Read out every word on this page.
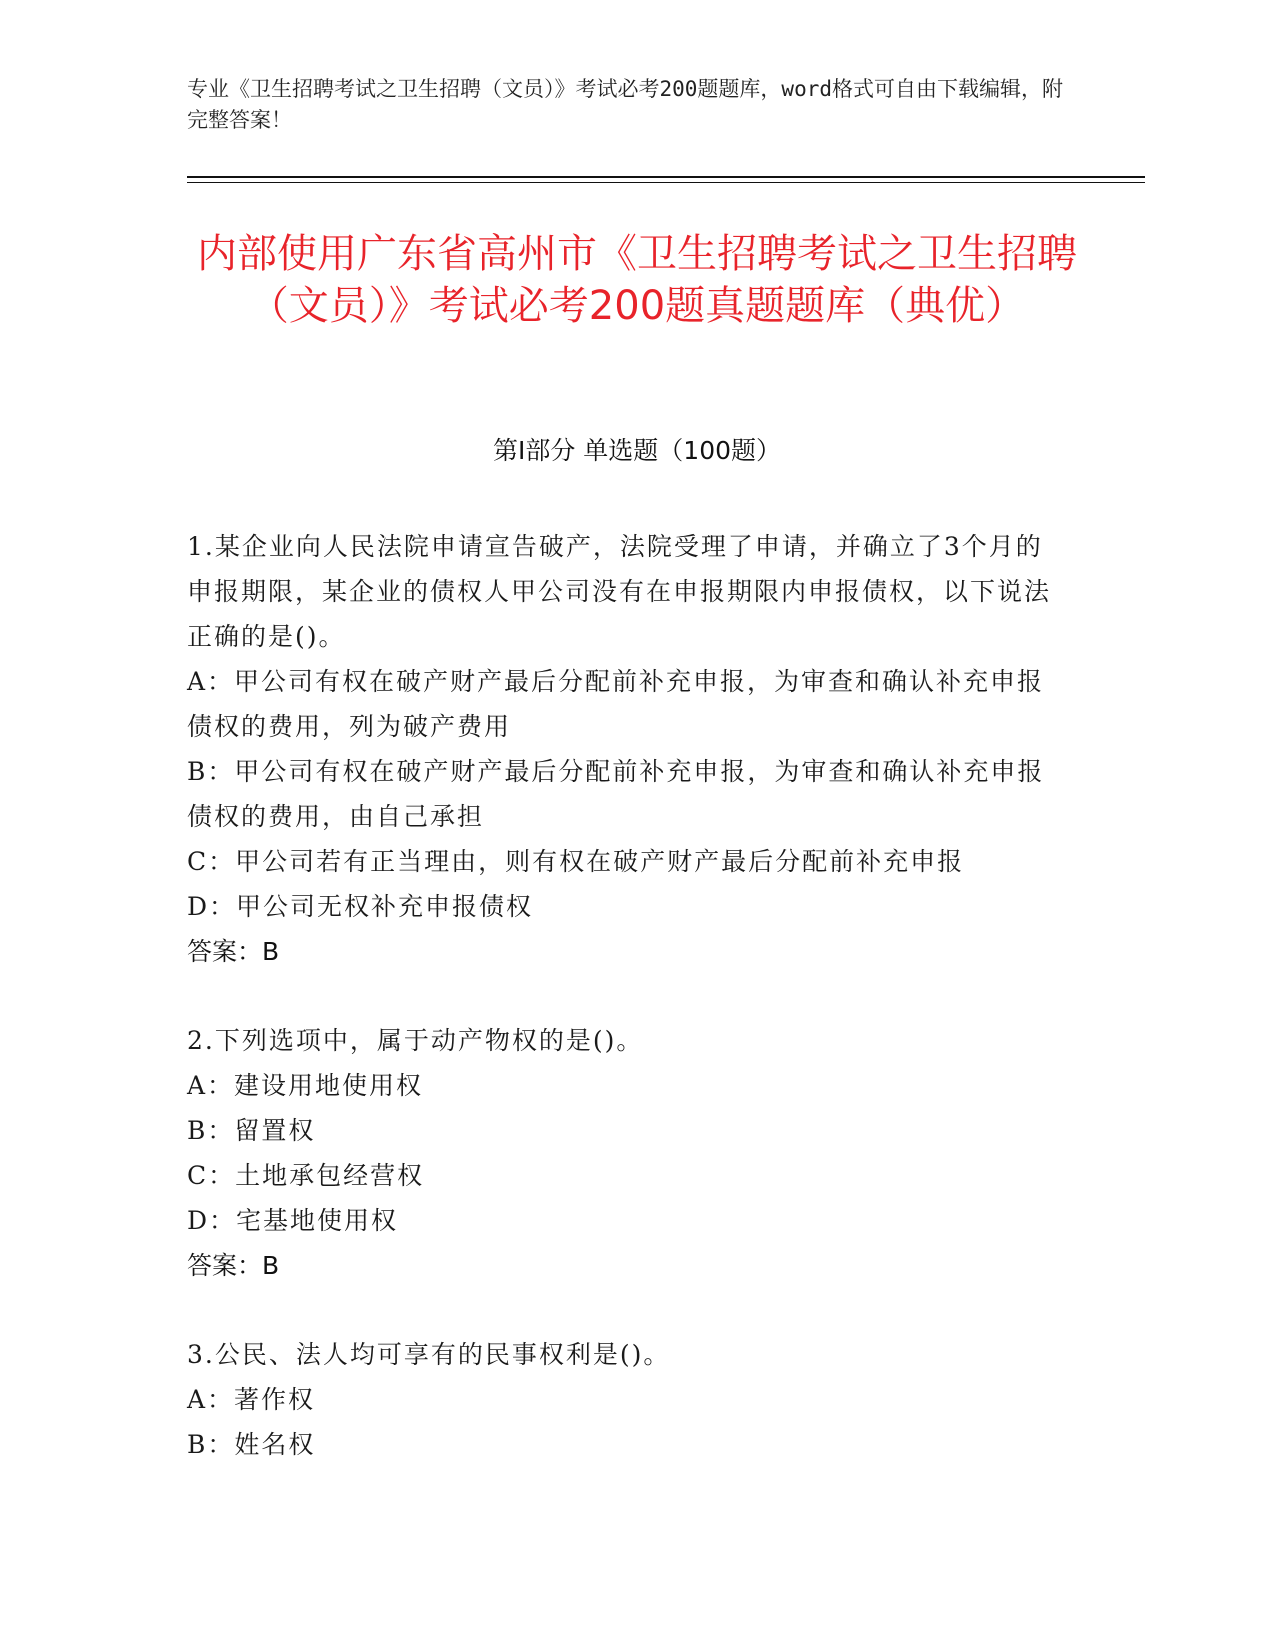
专业《卫生招聘考试之卫生招聘（文员）》考试必考200题题库，word格式可自由下载编辑，附完整答案！
内部使用广东省高州市《卫生招聘考试之卫生招聘（文员）》考试必考200题真题题库（典优）
第Ⅰ部分 单选题（100题）
1.某企业向人民法院申请宣告破产，法院受理了申请，并确立了3个月的申报期限，某企业的债权人甲公司没有在申报期限内申报债权，以下说法正确的是()。
A：甲公司有权在破产财产最后分配前补充申报，为审查和确认补充申报债权的费用，列为破产费用
B：甲公司有权在破产财产最后分配前补充申报，为审查和确认补充申报债权的费用，由自己承担
C：甲公司若有正当理由，则有权在破产财产最后分配前补充申报
D：甲公司无权补充申报债权
答案：B
2.下列选项中，属于动产物权的是()。
A：建设用地使用权
B：留置权
C：土地承包经营权
D：宅基地使用权
答案：B
3.公民、法人均可享有的民事权利是()。
A：著作权
B：姓名权
